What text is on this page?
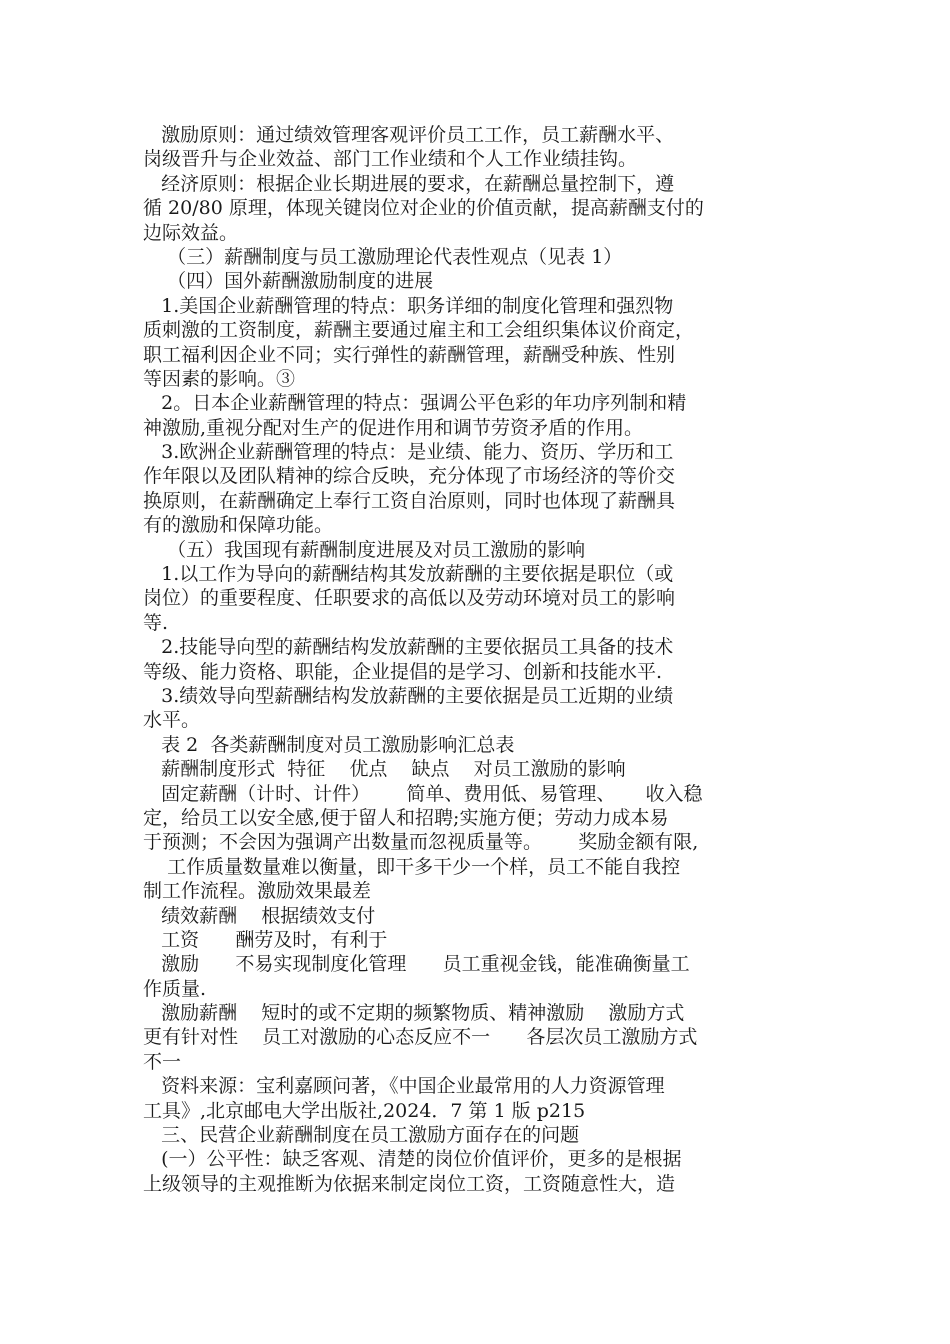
激励原则：通过绩效管理客观评价员工工作，员工薪酬水平、
岗级晋升与企业效益、部门工作业绩和个人工作业绩挂钩。
经济原则：根据企业长期进展的要求，在薪酬总量控制下，遵
循 20/80 原理，体现关键岗位对企业的价值贡献，提高薪酬支付的
边际效益。
（三）薪酬制度与员工激励理论代表性观点（见表 1）
（四）国外薪酬激励制度的进展
1.美国企业薪酬管理的特点：职务详细的制度化管理和强烈物
质刺激的工资制度，薪酬主要通过雇主和工会组织集体议价商定，
职工福利因企业不同；实行弹性的薪酬管理，薪酬受种族、性别
等因素的影响。③
2。日本企业薪酬管理的特点：强调公平色彩的年功序列制和精
神激励,重视分配对生产的促进作用和调节劳资矛盾的作用。
3.欧洲企业薪酬管理的特点：是业绩、能力、资历、学历和工
作年限以及团队精神的综合反映，充分体现了市场经济的等价交
换原则，在薪酬确定上奉行工资自治原则，同时也体现了薪酬具
有的激励和保障功能。
（五）我国现有薪酬制度进展及对员工激励的影响
1.以工作为导向的薪酬结构其发放薪酬的主要依据是职位（或
岗位）的重要程度、任职要求的高低以及劳动环境对员工的影响
等.
2.技能导向型的薪酬结构发放薪酬的主要依据员工具备的技术
等级、能力资格、职能，企业提倡的是学习、创新和技能水平.
3.绩效导向型薪酬结构发放薪酬的主要依据是员工近期的业绩
水平。
表 2  各类薪酬制度对员工激励影响汇总表
薪酬制度形式  特征    优点    缺点    对员工激励的影响
固定薪酬（计时、计件）      简单、费用低、易管理、     收入稳
定，给员工以安全感,便于留人和招聘;实施方便；劳动力成本易
于预测；不会因为强调产出数量而忽视质量等。      奖励金额有限,
工作质量数量难以衡量，即干多干少一个样，员工不能自我控
制工作流程。激励效果最差
绩效薪酬    根据绩效支付
工资      酬劳及时，有利于
激励      不易实现制度化管理      员工重视金钱，能准确衡量工
作质量.
激励薪酬    短时的或不定期的频繁物质、精神激励    激励方式
更有针对性    员工对激励的心态反应不一      各层次员工激励方式
不一
资料来源：宝利嘉顾问著，《中国企业最常用的人力资源管理
工具》,北京邮电大学出版社,2024．7 第 1 版 p215
三、民营企业薪酬制度在员工激励方面存在的问题
(一）公平性：缺乏客观、清楚的岗位价值评价，更多的是根据
上级领导的主观推断为依据来制定岗位工资，工资随意性大，造
